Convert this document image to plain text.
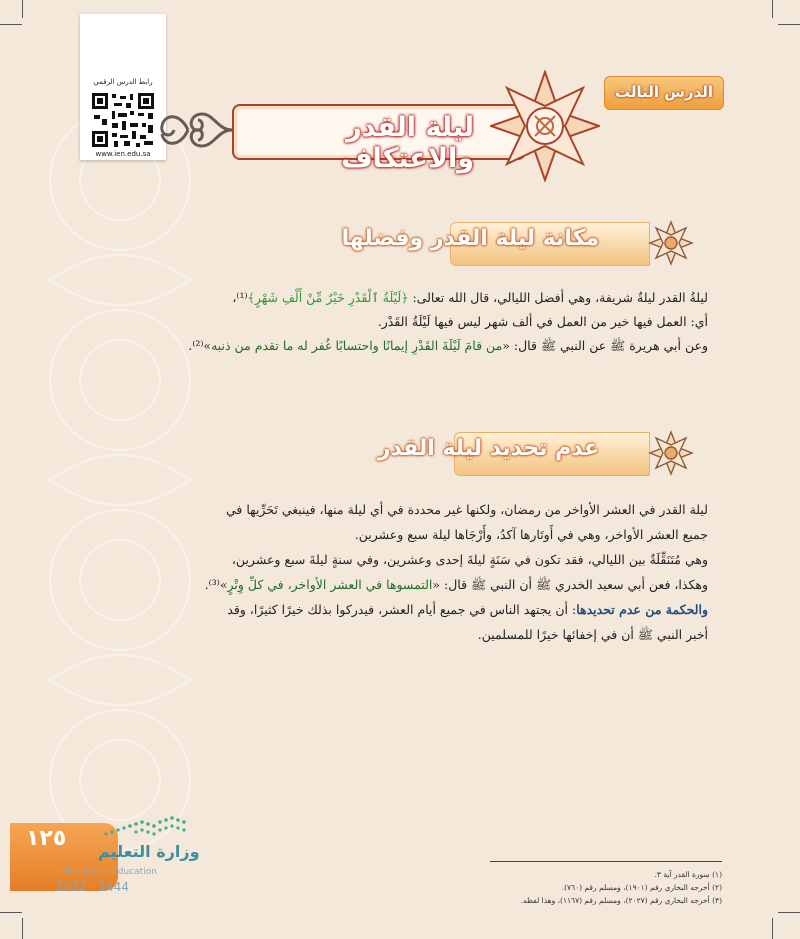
رابط الدرس الرقمي
www.ien.edu.sa
الدرس الثالث
ليلة القدر والاعتكاف
مكانة ليلة القدر وفضلها
ليلةُ القدر ليلةٌ شريفة، وهي أفضل الليالي، قال الله تعالى: ﴿لَيْلَةُ ٱلْقَدْرِ خَيْرٌ مِّنْ أَلْفِ شَهْرٍ﴾⁽¹⁾،
أي: العمل فيها خير من العمل في ألف شهر ليس فيها لَيْلَةُ القَدْر.
وعن أبي هريرة ﷺ عن النبي ﷺ قال: «من قامَ لَيْلَةَ القَدْرِ إيمانًا واحتسابًا غُفر له ما تقدم من ذنبه»⁽²⁾.
عدم تحديد ليلة القدر
ليلة القدر في العشر الأواخر من رمضان، ولكنها غير محددة في أي ليلة منها، فينبغي تَحَرِّيها في
جميع العشر الأواخر، وهي في أَوتَارها آكدُ، وأَرْجَاها ليلة سبع وعشرين.
وهي مُتَنَقِّلَةٌ بين الليالي، فقد تكون في سَنَةٍ ليلةَ إحدى وعشرين، وفي سنةٍ ليلةَ سبع وعشرين،
وهكذا، فعن أبي سعيد الخدري ﷺ أن النبي ﷺ قال: «التمسوها في العشر الأواخر، في كلِّ وِتْرٍ»⁽³⁾.
والحكمة من عدم تحديدها: أن يجتهد الناس في جميع أيام العشر، فيدركوا بذلك خيرًا كثيرًا، وقد
أخبر النبي ﷺ أن في إخفائها خيرًا للمسلمين.
(١) سورة القدر آية ٣.
(٢) أخرجه البخاري رقم (١٩٠١)، ومسلم رقم (٧٦٠).
(٣) أخرجه البخاري رقم (٢٠٢٧)، ومسلم رقم (١١٦٧)، وهذا لفظه.
١٢٥
وزارة التعليم
Ministry of Education
2022 - 1444
